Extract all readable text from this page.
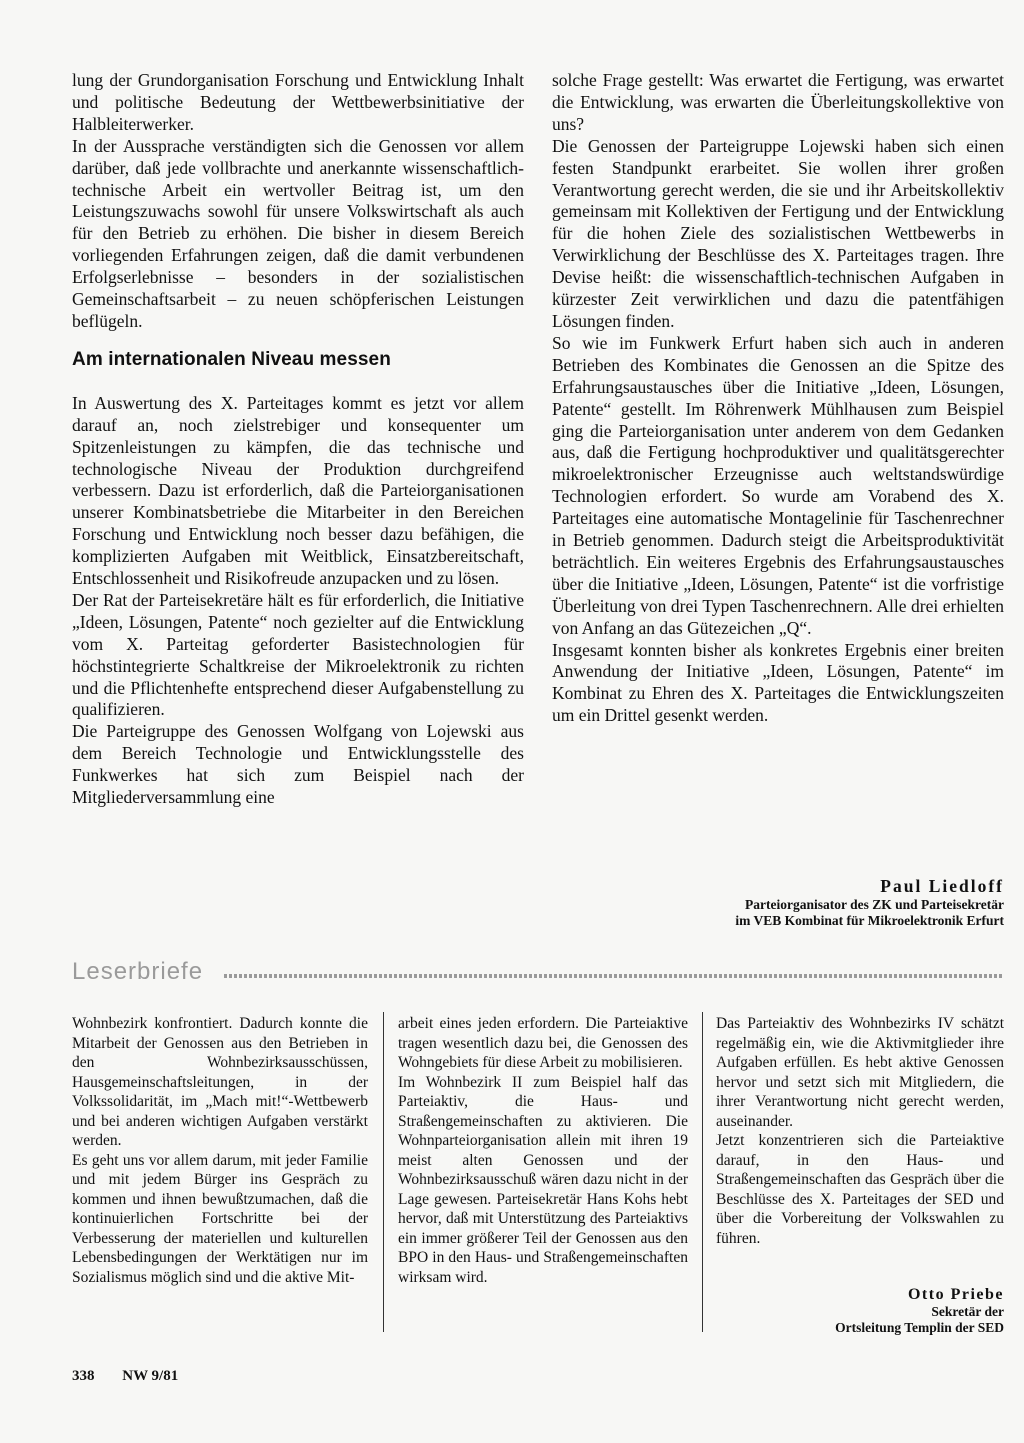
lung der Grundorganisation Forschung und Entwicklung Inhalt und politische Bedeutung der Wettbewerbsinitiative der Halbleiterwerker.

In der Aussprache verständigten sich die Genossen vor allem darüber, daß jede vollbrachte und anerkannte wissenschaftlich-technische Arbeit ein wertvoller Beitrag ist, um den Leistungszuwachs sowohl für unsere Volkswirtschaft als auch für den Betrieb zu erhöhen. Die bisher in diesem Bereich vorliegenden Erfahrungen zeigen, daß die damit verbundenen Erfolgserlebnisse – besonders in der sozialistischen Gemeinschaftsarbeit – zu neuen schöpferischen Leistungen beflügeln.

Am internationalen Niveau messen

In Auswertung des X. Parteitages kommt es jetzt vor allem darauf an, noch zielstrebiger und konsequenter um Spitzenleistungen zu kämpfen, die das technische und technologische Niveau der Produktion durchgreifend verbessern. Dazu ist erforderlich, daß die Parteiorganisationen unserer Kombinatsbetriebe die Mitarbeiter in den Bereichen Forschung und Entwicklung noch besser dazu befähigen, die komplizierten Aufgaben mit Weitblick, Einsatzbereitschaft, Entschlossenheit und Risikofreude anzupacken und zu lösen.

Der Rat der Parteisekretäre hält es für erforderlich, die Initiative „Ideen, Lösungen, Patente“ noch gezielter auf die Entwicklung vom X. Parteitag geforderter Basistechnologien für höchstintegrierte Schaltkreise der Mikroelektronik zu richten und die Pflichtenhefte entsprechend dieser Aufgabenstellung zu qualifizieren.

Die Parteigruppe des Genossen Wolfgang von Lojewski aus dem Bereich Technologie und Entwicklungsstelle des Funkwerkes hat sich zum Beispiel nach der Mitgliederversammlung eine

solche Frage gestellt: Was erwartet die Fertigung, was erwartet die Entwicklung, was erwarten die Überleitungskollektive von uns?

Die Genossen der Parteigruppe Lojewski haben sich einen festen Standpunkt erarbeitet. Sie wollen ihrer großen Verantwortung gerecht werden, die sie und ihr Arbeitskollektiv gemeinsam mit Kollektiven der Fertigung und der Entwicklung für die hohen Ziele des sozialistischen Wettbewerbs in Verwirklichung der Beschlüsse des X. Parteitages tragen. Ihre Devise heißt: die wissenschaftlich-technischen Aufgaben in kürzester Zeit verwirklichen und dazu die patentfähigen Lösungen finden.

So wie im Funkwerk Erfurt haben sich auch in anderen Betrieben des Kombinates die Genossen an die Spitze des Erfahrungsaustausches über die Initiative „Ideen, Lösungen, Patente“ gestellt. Im Röhrenwerk Mühlhausen zum Beispiel ging die Parteiorganisation unter anderem von dem Gedanken aus, daß die Fertigung hochproduktiver und qualitätsgerechter mikroelektronischer Erzeugnisse auch weltstandswürdige Technologien erfordert. So wurde am Vorabend des X. Parteitages eine automatische Montagelinie für Taschenrechner in Betrieb genommen. Dadurch steigt die Arbeitsproduktivität beträchtlich. Ein weiteres Ergebnis des Erfahrungsaustausches über die Initiative „Ideen, Lösungen, Patente“ ist die vorfristige Überleitung von drei Typen Taschenrechnern. Alle drei erhielten von Anfang an das Gütezeichen „Q“.

Insgesamt konnten bisher als konkretes Ergebnis einer breiten Anwendung der Initiative „Ideen, Lösungen, Patente“ im Kombinat zu Ehren des X. Parteitages die Entwicklungszeiten um ein Drittel gesenkt werden.

Paul Liedloff
Parteiorganisator des ZK und Parteisekretär
im VEB Kombinat für Mikroelektronik Erfurt
Leserbriefe

Wohnbezirk konfrontiert. Dadurch konnte die Mitarbeit der Genossen aus den Betrieben in den Wohnbezirksausschüssen, Hausgemeinschaftsleitungen, in der Volkssolidarität, im „Mach mit!“-Wettbewerb und bei anderen wichtigen Aufgaben verstärkt werden.

Es geht uns vor allem darum, mit jeder Familie und mit jedem Bürger ins Gespräch zu kommen und ihnen bewußtzumachen, daß die kontinuierlichen Fortschritte bei der Verbesserung der materiellen und kulturellen Lebensbedingungen der Werktätigen nur im Sozialismus möglich sind und die aktive Mit-

arbeit eines jeden erfordern. Die Parteiaktive tragen wesentlich dazu bei, die Genossen des Wohngebiets für diese Arbeit zu mobilisieren.

Im Wohnbezirk II zum Beispiel half das Parteiaktiv, die Haus- und Straßengemeinschaften zu aktivieren. Die Wohnparteiorganisation allein mit ihren 19 meist alten Genossen und der Wohnbezirksausschuß wären dazu nicht in der Lage gewesen. Parteisekretär Hans Kohs hebt hervor, daß mit Unterstützung des Parteiaktivs ein immer größerer Teil der Genossen aus den BPO in den Haus- und Straßengemeinschaften wirksam wird.

Das Parteiaktiv des Wohnbezirks IV schätzt regelmäßig ein, wie die Aktivmitglieder ihre Aufgaben erfüllen. Es hebt aktive Genossen hervor und setzt sich mit Mitgliedern, die ihrer Verantwortung nicht gerecht werden, auseinander.

Jetzt konzentrieren sich die Parteiaktive darauf, in den Haus- und Straßengemeinschaften das Gespräch über die Beschlüsse des X. Parteitages der SED und über die Vorbereitung der Volkswahlen zu führen.

Otto Priebe
Sekretär der
Ortsleitung Templin der SED
338 NW 9/81
